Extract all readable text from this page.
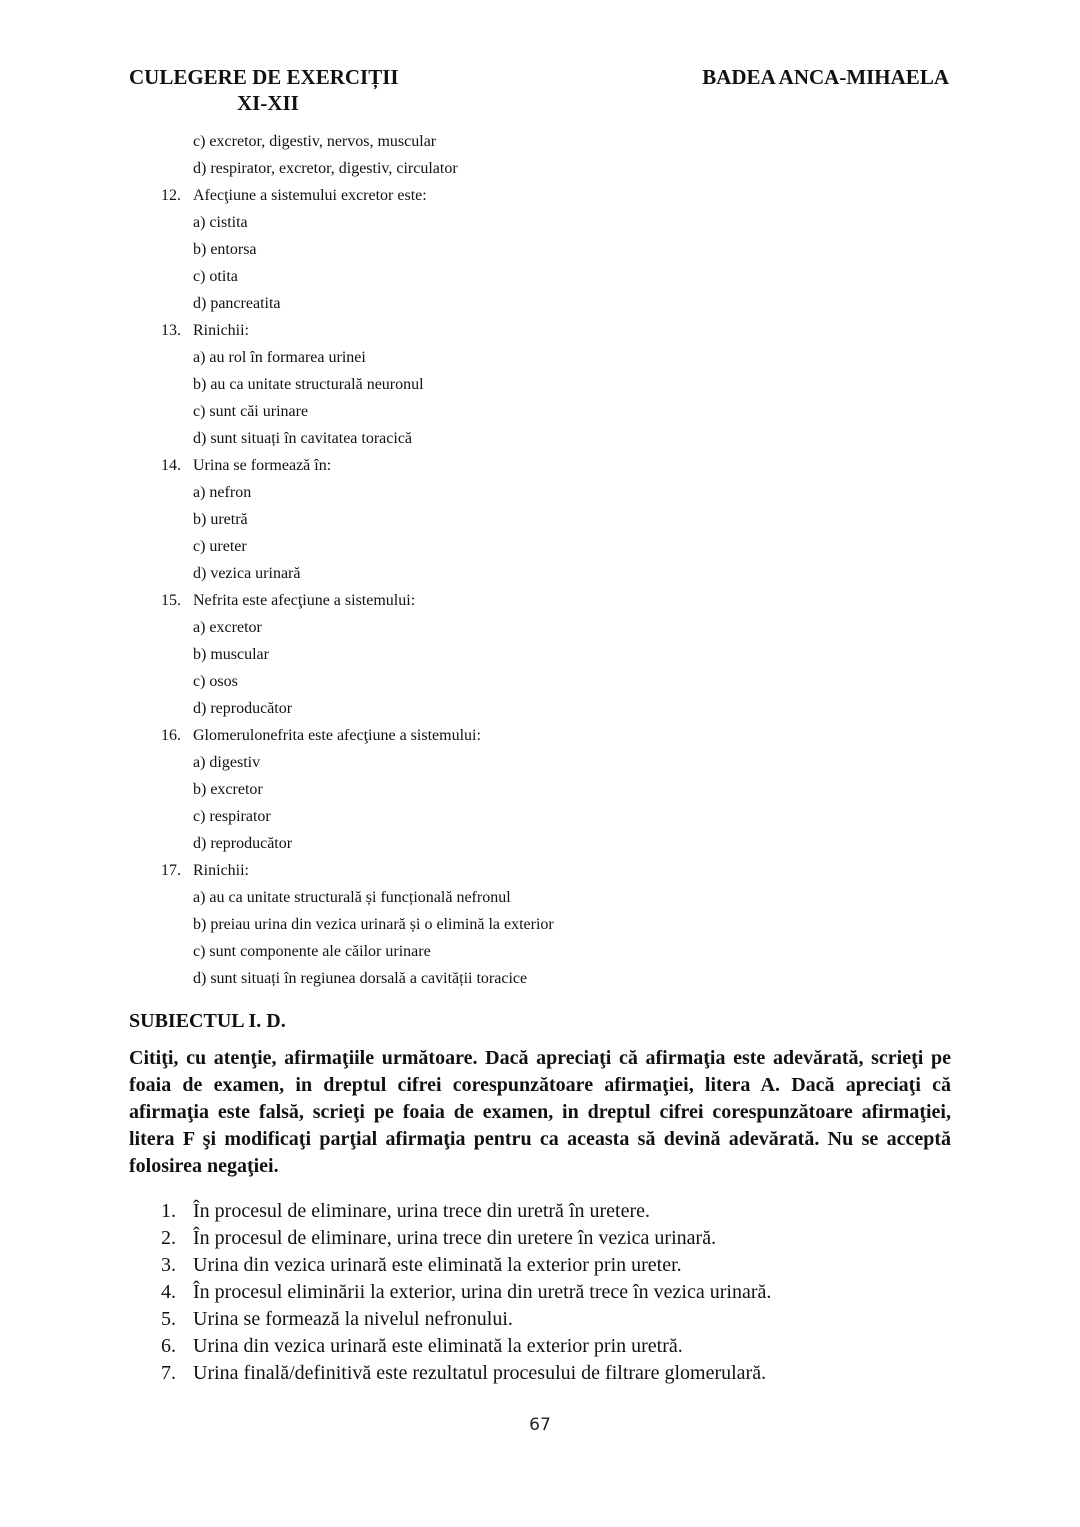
CULEGERE DE EXERCIȚII
XI-XII
BADEA ANCA-MIHAELA
c) excretor, digestiv, nervos, muscular
d) respirator, excretor, digestiv, circulator
12. Afecţiune a sistemului excretor este:
a) cistita
b) entorsa
c) otita
d) pancreatita
13. Rinichii:
a) au rol în formarea urinei
b) au ca unitate structurală neuronul
c) sunt căi urinare
d) sunt situați în cavitatea toracică
14. Urina se formează în:
a) nefron
b) uretră
c) ureter
d) vezica urinară
15. Nefrita este afecţiune a sistemului:
a) excretor
b) muscular
c) osos
d) reproducător
16. Glomerulonefrita este afecţiune a sistemului:
a) digestiv
b) excretor
c) respirator
d) reproducător
17. Rinichii:
a) au ca unitate structurală și funcțională nefronul
b) preiau urina din vezica urinară și o elimină la exterior
c) sunt componente ale căilor urinare
d) sunt situați în regiunea dorsală a cavității toracice
SUBIECTUL I. D.
Citiţi, cu atenţie, afirmaţiile următoare. Dacă apreciaţi că afirmaţia este adevărată, scrieţi pe foaia de examen, in dreptul cifrei corespunzătoare afirmaţiei, litera A. Dacă apreciaţi că afirmaţia este falsă, scrieţi pe foaia de examen, in dreptul cifrei corespunzătoare afirmaţiei, litera F şi modificaţi parţial afirmaţia pentru ca aceasta să devină adevărată. Nu se acceptă folosirea negaţiei.
1. În procesul de eliminare, urina trece din uretră în uretere.
2. În procesul de eliminare, urina trece din uretere în vezica urinară.
3. Urina din vezica urinară este eliminată la exterior prin ureter.
4. În procesul eliminării la exterior, urina din uretră trece în vezica urinară.
5. Urina se formează la nivelul nefronului.
6. Urina din vezica urinară este eliminată la exterior prin uretră.
7. Urina finală/definitivă este rezultatul procesului de filtrare glomerulară.
67
